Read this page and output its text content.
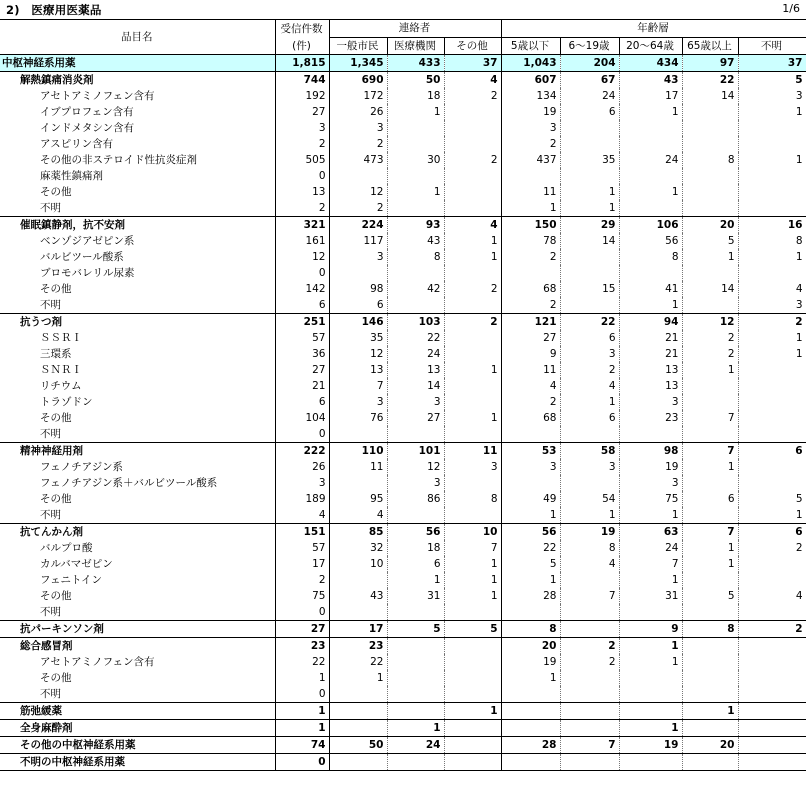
2)　医療用医薬品	1/6
品目名	受信件数	連絡者			年齢層				
	(件)	一般市民	医療機関	その他	5歳以下	6～19歳	20～64歳	65歳以上	不明
中枢神経系用薬	1,815	1,345	433	37	1,043	204	434	97	37
解熱鎮痛消炎剤	744	690	50	4	607	67	43	22	5
アセトアミノフェン含有	192	172	18	2	134	24	17	14	3
イブプロフェン含有	27	26	1		19	6	1		1
インドメタシン含有	3	3			3				
アスピリン含有	2	2			2				
その他の非ステロイド性抗炎症剤	505	473	30	2	437	35	24	8	1
麻薬性鎮痛剤	0								
その他	13	12	1		11	1	1		
不明	2	2			1	1			
催眠鎮静剤，抗不安剤	321	224	93	4	150	29	106	20	16
ベンゾジアゼピン系	161	117	43	1	78	14	56	5	8
バルビツール酸系	12	3	8	1	2		8	1	1
ブロモバレリル尿素	0								
その他	142	98	42	2	68	15	41	14	4
不明	6	6			2		1		3
抗うつ剤	251	146	103	2	121	22	94	12	2
ＳＳＲＩ	57	35	22		27	6	21	2	1
三環系	36	12	24		9	3	21	2	1
ＳＮＲＩ	27	13	13	1	11	2	13	1	
リチウム	21	7	14		4	4	13		
トラゾドン	6	3	3		2	1	3		
その他	104	76	27	1	68	6	23	7	
不明	0								
精神神経用剤	222	110	101	11	53	58	98	7	6
フェノチアジン系	26	11	12	3	3	3	19	1	
フェノチアジン系＋バルビツール酸系	3		3				3		
その他	189	95	86	8	49	54	75	6	5
不明	4	4			1	1	1		1
抗てんかん剤	151	85	56	10	56	19	63	7	6
バルプロ酸	57	32	18	7	22	8	24	1	2
カルバマゼピン	17	10	6	1	5	4	7	1	
フェニトイン	2		1	1	1		1		
その他	75	43	31	1	28	7	31	5	4
不明	0								
抗パーキンソン剤	27	17	5	5	8		9	8	2
総合感冒剤	23	23			20	2	1		
アセトアミノフェン含有	22	22			19	2	1		
その他	1	1			1				
不明	0								
筋弛緩薬	1			1				1	
全身麻酔剤	1		1				1		
その他の中枢神経系用薬	74	50	24		28	7	19	20	
不明の中枢神経系用薬	0								
